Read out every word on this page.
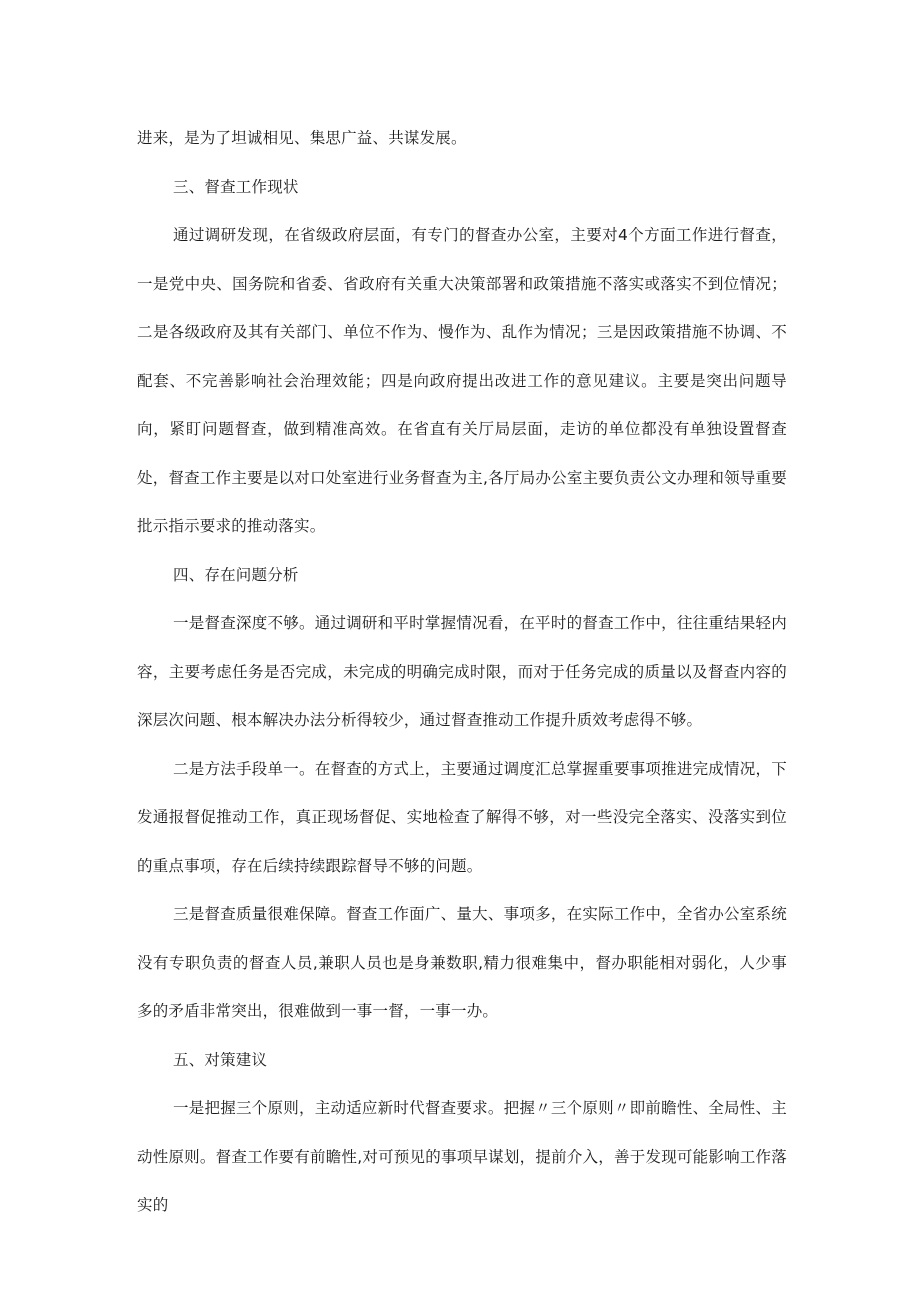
进来，是为了坦诚相见、集思广益、共谋发展。

三、督查工作现状

通过调研发现，在省级政府层面，有专门的督查办公室，主要对4个方面工作进行督查，一是党中央、国务院和省委、省政府有关重大决策部署和政策措施不落实或落实不到位情况；二是各级政府及其有关部门、单位不作为、慢作为、乱作为情况；三是因政策措施不协调、不配套、不完善影响社会治理效能；四是向政府提出改进工作的意见建议。主要是突出问题导向，紧盯问题督查，做到精准高效。在省直有关厅局层面，走访的单位都没有单独设置督查处，督查工作主要是以对口处室进行业务督查为主,各厅局办公室主要负责公文办理和领导重要批示指示要求的推动落实。

四、存在问题分析

一是督查深度不够。通过调研和平时掌握情况看，在平时的督查工作中，往往重结果轻内容，主要考虑任务是否完成，未完成的明确完成时限，而对于任务完成的质量以及督查内容的深层次问题、根本解决办法分析得较少，通过督查推动工作提升质效考虑得不够。

二是方法手段单一。在督查的方式上，主要通过调度汇总掌握重要事项推进完成情况，下发通报督促推动工作，真正现场督促、实地检查了解得不够，对一些没完全落实、没落实到位的重点事项，存在后续持续跟踪督导不够的问题。

三是督查质量很难保障。督查工作面广、量大、事项多，在实际工作中，全省办公室系统没有专职负责的督查人员,兼职人员也是身兼数职,精力很难集中，督办职能相对弱化，人少事多的矛盾非常突出，很难做到一事一督，一事一办。

五、对策建议

一是把握三个原则，主动适应新时代督查要求。把握〃三个原则〃即前瞻性、全局性、主动性原则。督查工作要有前瞻性,对可预见的事项早谋划，提前介入，善于发现可能影响工作落实的
